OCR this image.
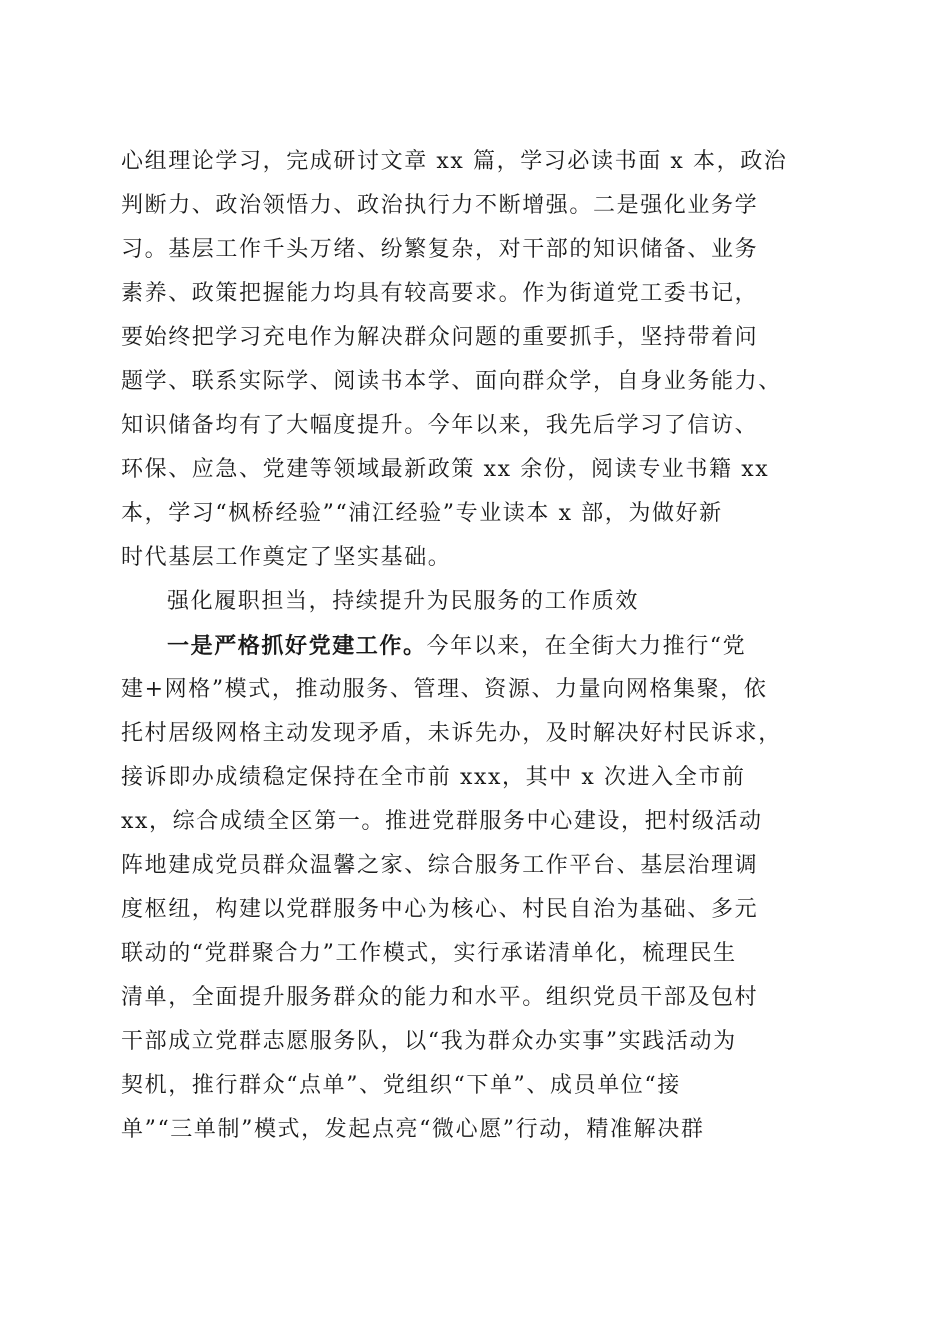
心组理论学习，完成研讨文章 xx 篇，学习必读书面 x 本，政治
判断力、政治领悟力、政治执行力不断增强。二是强化业务学
习。基层工作千头万绪、纷繁复杂，对干部的知识储备、业务
素养、政策把握能力均具有较高要求。作为街道党工委书记，
要始终把学习充电作为解决群众问题的重要抓手，坚持带着问
题学、联系实际学、阅读书本学、面向群众学，自身业务能力、
知识储备均有了大幅度提升。今年以来，我先后学习了信访、
环保、应急、党建等领域最新政策 xx 余份，阅读专业书籍 xx
本，学习“枫桥经验”“浦江经验”专业读本 x 部，为做好新
时代基层工作奠定了坚实基础。
强化履职担当，持续提升为民服务的工作质效
一是严格抓好党建工作。今年以来，在全街大力推行“党
建+网格”模式，推动服务、管理、资源、力量向网格集聚，依
托村居级网格主动发现矛盾，未诉先办，及时解决好村民诉求，
接诉即办成绩稳定保持在全市前 xxx，其中 x 次进入全市前
xx，综合成绩全区第一。推进党群服务中心建设，把村级活动
阵地建成党员群众温馨之家、综合服务工作平台、基层治理调
度枢纽，构建以党群服务中心为核心、村民自治为基础、多元
联动的“党群聚合力”工作模式，实行承诺清单化，梳理民生
清单，全面提升服务群众的能力和水平。组织党员干部及包村
干部成立党群志愿服务队，以“我为群众办实事”实践活动为
契机，推行群众“点单”、党组织“下单”、成员单位“接
单”“三单制”模式，发起点亮“微心愿”行动，精准解决群
